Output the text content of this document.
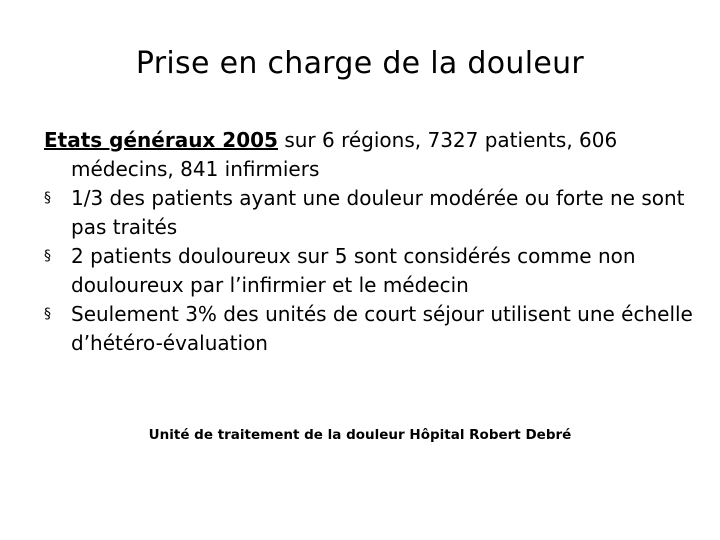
Prise en charge de la douleur

Etats généraux 2005 sur 6 régions, 7327 patients, 606 médecins, 841 infirmiers

§ 1/3 des patients ayant une douleur modérée ou forte ne sont pas traités
§ 2 patients douloureux sur 5 sont considérés comme non douloureux par l’infirmier et le médecin
§ Seulement 3% des unités de court séjour utilisent une échelle d’hétéro-évaluation

Unité de traitement de la douleur Hôpital Robert Debré
